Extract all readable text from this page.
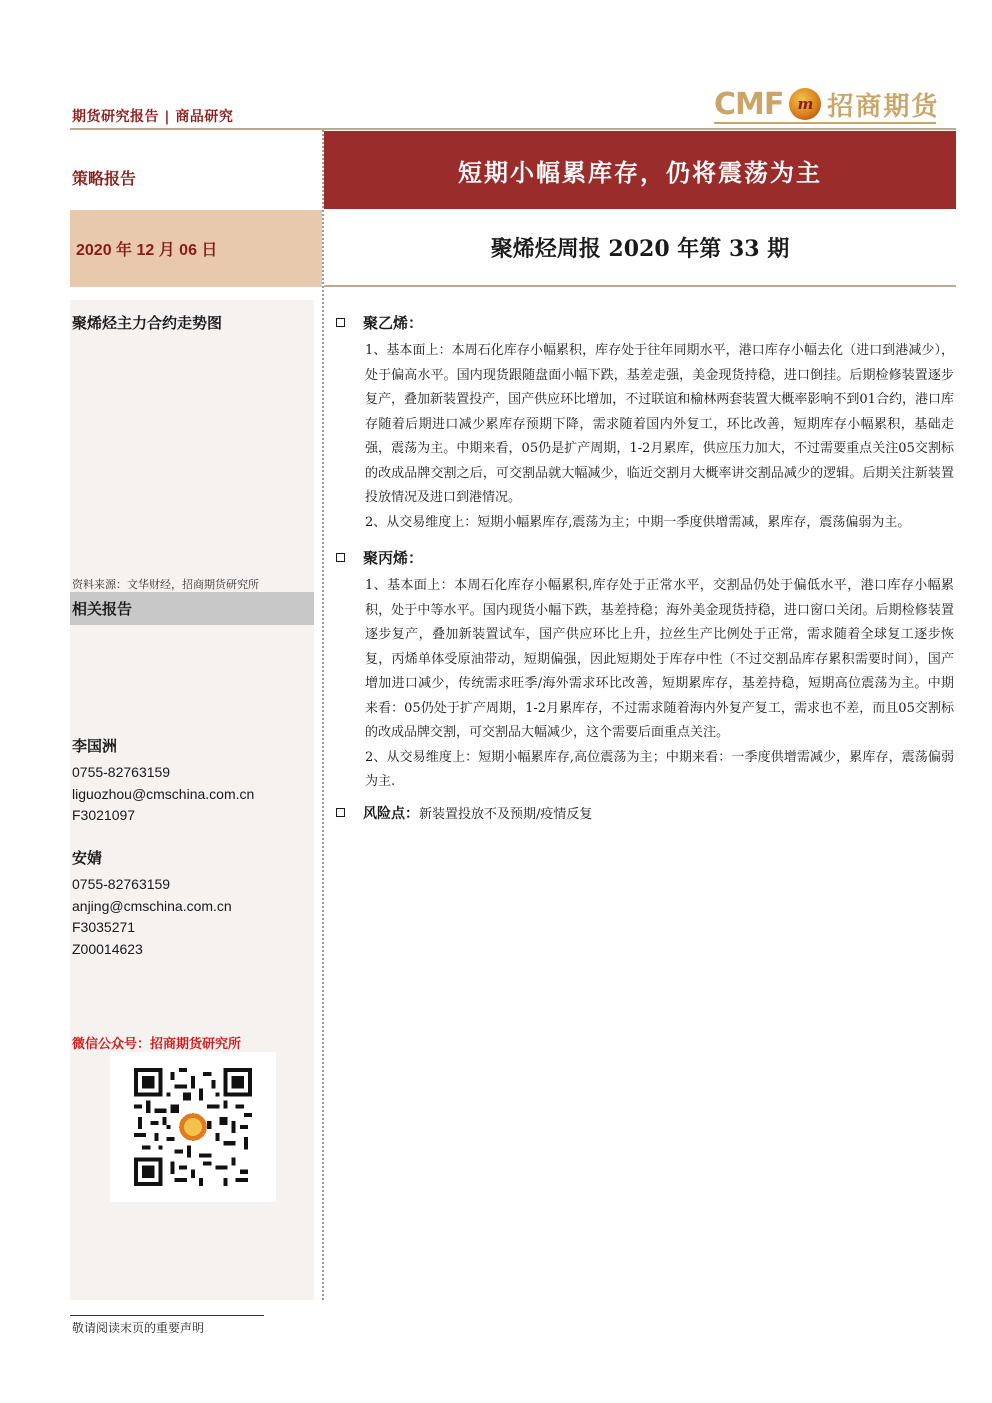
期货研究报告 | 商品研究	CMF m 招商期货
策略报告	短期小幅累库存，仍将震荡为主
2020 年 12 月 06 日	聚烯烃周报 2020 年第 33 期
聚烯烃主力合约走势图
资料来源：文华财经，招商期货研究所
相关报告
李国洲
0755-82763159
liguozhou@cmschina.com.cn
F3021097
安婧
0755-82763159
anjing@cmschina.com.cn
F3035271
Z00014623
微信公众号：招商期货研究所
敬请阅读末页的重要声明
聚乙烯：
1、基本面上：本周石化库存小幅累积，库存处于往年同期水平，港口库存小幅去化（进口到港减少），处于偏高水平。国内现货跟随盘面小幅下跌，基差走强，美金现货持稳，进口倒挂。后期检修装置逐步复产，叠加新装置投产，国产供应环比增加，不过联谊和榆林两套装置大概率影响不到01合约，港口库存随着后期进口减少累库存预期下降，需求随着国内外复工，环比改善，短期库存小幅累积，基础走强，震荡为主。中期来看，05仍是扩产周期，1-2月累库，供应压力加大，不过需要重点关注05交割标的改成品牌交割之后，可交割品就大幅减少，临近交割月大概率讲交割品减少的逻辑。后期关注新装置投放情况及进口到港情况。
2、从交易维度上：短期小幅累库存,震荡为主；中期一季度供增需减，累库存，震荡偏弱为主。
聚丙烯：
1、基本面上：本周石化库存小幅累积,库存处于正常水平，交割品仍处于偏低水平，港口库存小幅累积，处于中等水平。国内现货小幅下跌，基差持稳；海外美金现货持稳，进口窗口关闭。后期检修装置逐步复产，叠加新装置试车，国产供应环比上升，拉丝生产比例处于正常，需求随着全球复工逐步恢复，丙烯单体受原油带动，短期偏强，因此短期处于库存中性（不过交割品库存累积需要时间），国产增加进口减少，传统需求旺季/海外需求环比改善，短期累库存，基差持稳，短期高位震荡为主。中期来看：05仍处于扩产周期，1-2月累库存，不过需求随着海内外复产复工，需求也不差，而且05交割标的改成品牌交割，可交割品大幅减少，这个需要后面重点关注。
2、从交易维度上：短期小幅累库存,高位震荡为主；中期来看：一季度供增需减少，累库存，震荡偏弱为主.
风险点： 新装置投放不及预期/疫情反复
